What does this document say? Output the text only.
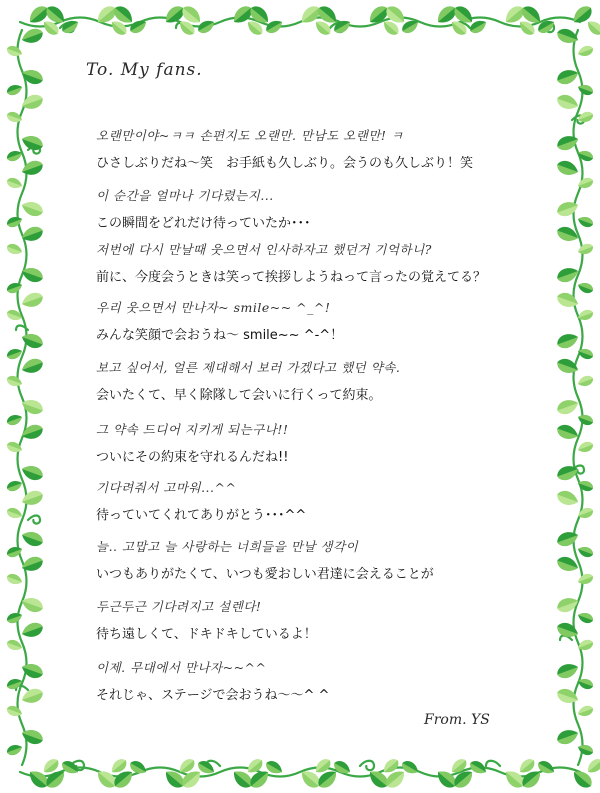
To. My fans.
오랜만이야~ㅋㅋ 손편지도 오랜만. 만남도 오랜만! ㅋ
ひさしぶりだね～笑　お手紙も久しぶり。会うのも久しぶり！笑
이 순간을 얼마나 기다렸는지...
この瞬間をどれだけ待っていたか･･･
저번에 다시 만날때 웃으면서 인사하자고 했던거 기억하니?
前に、今度会うときは笑って挨拶しようねって言ったの覚えてる？
우리 웃으면서 만나자~ smile~~ ^_^!
みんな笑顔で会おうね～ smile~~ ^-^！
보고 싶어서, 얼른 제대해서 보러 가겠다고 했던 약속.
会いたくて、早く除隊して会いに行くって約束。
그 약속 드디어 지키게 되는구나!!
ついにその約束を守れるんだね!!
기다려줘서 고마워...^^
待っていてくれてありがとう･･･^^
늘.. 고맙고 늘 사랑하는 너희들을 만날 생각이
いつもありがたくて、いつも愛おしい君達に会えることが
두근두근 기다려지고 설렌다!
待ち遠しくて、ドキドキしているよ！
이제. 무대에서 만나자~~^^
それじゃ、ステージで会おうね～～^ ^
From. YS
